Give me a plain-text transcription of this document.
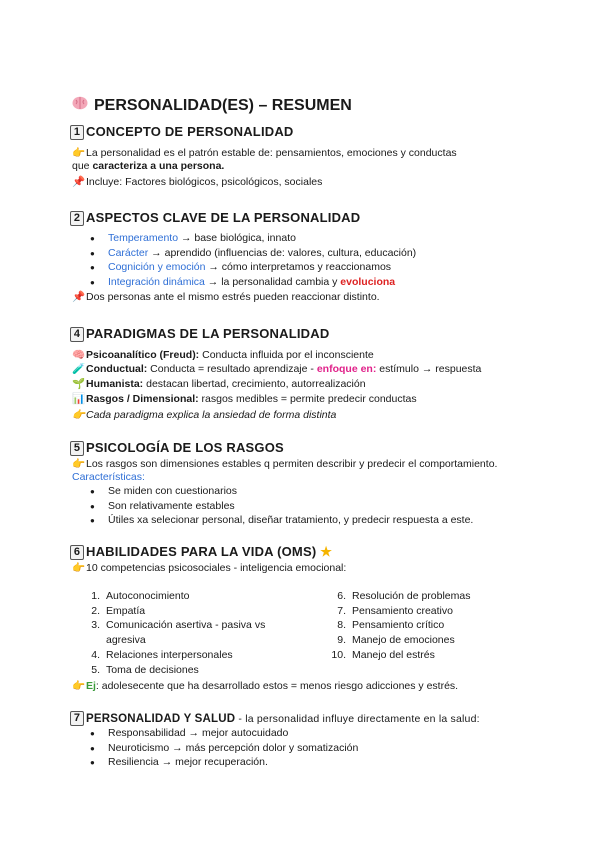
PERSONALIDAD(ES) – RESUMEN
1 CONCEPTO DE PERSONALIDAD
👉La personalidad es el patrón estable de: pensamientos, emociones y conductas
que caracteriza a una persona.
📌Incluye: Factores biológicos, psicológicos, sociales
2 ASPECTOS CLAVE DE LA PERSONALIDAD
● Temperamento → base biológica, innato
● Carácter → aprendido (influencias de: valores, cultura, educación)
● Cognición y emoción → cómo interpretamos y reaccionamos
● Integración dinámica → la personalidad cambia y evoluciona
📌Dos personas ante el mismo estrés pueden reaccionar distinto.
4 PARADIGMAS DE LA PERSONALIDAD
🧠Psicoanalítico (Freud): Conducta influida por el inconsciente
🧪Conductual: Conducta = resultado aprendizaje - enfoque en: estímulo → respuesta
🌱Humanista: destacan libertad, crecimiento, autorrealización
📊Rasgos / Dimensional: rasgos medibles = permite predecir conductas
👉Cada paradigma explica la ansiedad de forma distinta
5 PSICOLOGÍA DE LOS RASGOS
👉Los rasgos son dimensiones estables q permiten describir y predecir el comportamiento.
Características:
● Se miden con cuestionarios
● Son relativamente estables
● Útiles xa selecionar personal, diseñar tratamiento, y predecir respuesta a este.
6 HABILIDADES PARA LA VIDA (OMS) ★
👉10 competencias psicosociales - inteligencia emocional:
1. Autoconocimiento
2. Empatía
3. Comunicación asertiva - pasiva vs
agresiva
4. Relaciones interpersonales
5. Toma de decisiones
6. Resolución de problemas
7. Pensamiento creativo
8. Pensamiento crítico
9. Manejo de emociones
10. Manejo del estrés
👉Ej: adolesecente que ha desarrollado estos = menos riesgo adicciones y estrés.
7 PERSONALIDAD Y SALUD - la personalidad influye directamente en la salud:
● Responsabilidad → mejor autocuidado
● Neuroticismo → más percepción dolor y somatización
● Resiliencia → mejor recuperación.
